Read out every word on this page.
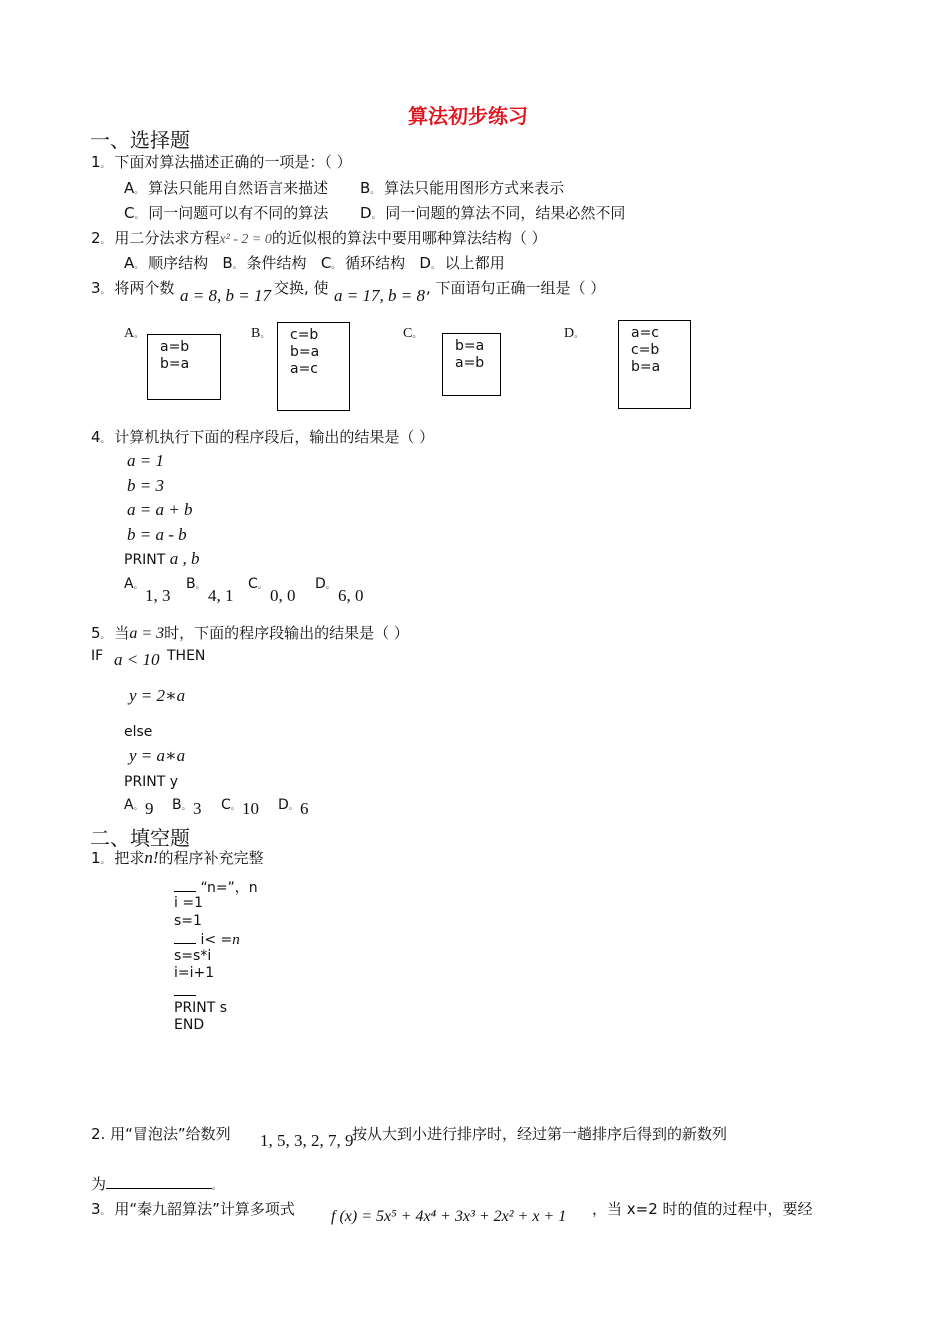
算法初步练习
一、选择题
1。 下面对算法描述正确的一项是：（ ）
A。 算法只能用自然语言来描述 B。 算法只能用图形方式来表示
C。 同一问题可以有不同的算法 D。 同一问题的算法不同，结果必然不同
2。 用二分法求方程x² - 2 = 0的近似根的算法中要用哪种算法结构（ ）
A。 顺序结构 B。 条件结构 C。 循环结构 D。 以上都用
3。 将两个数 a = 8, b = 17 交换, 使 a = 17, b = 8 , 下面语句正确一组是（ ）
A。
a=b
b=a
B。	c=b
b=a
a=c
C。
b=a
a=b
D。	a=c
c=b
b=a
4。 计算机执行下面的程序段后，输出的结果是（ ）
a = 1
b = 3
a = a + b
b = a - b
PRINT a , b
A。 1, 3
B。 4, 1
C。 0, 0
D。 6, 0
5。 当a = 3时，下面的程序段输出的结果是（ ）
IF a < 10 THEN
y = 2∗a
else
y = a∗a
PRINT y
A。 9 B。 3 C。 10 D。 6
二、填空题
1。 把求n!的程序补充完整
“n=”，n
i =1
s=1
i< =n
s=s*i
i=i+1
PRINT s
END
2. 用“冒泡法”给数列 1, 5, 3, 2, 7, 9
按从大到小进行排序时，经过第一趟排序后得到的新数列
为	。
3。 用“秦九韶算法”计算多项式 f (x) = 5x⁵ + 4x⁴ + 3x³ + 2x² + x + 1 ，当 x=2 时的值的过程中，要经
